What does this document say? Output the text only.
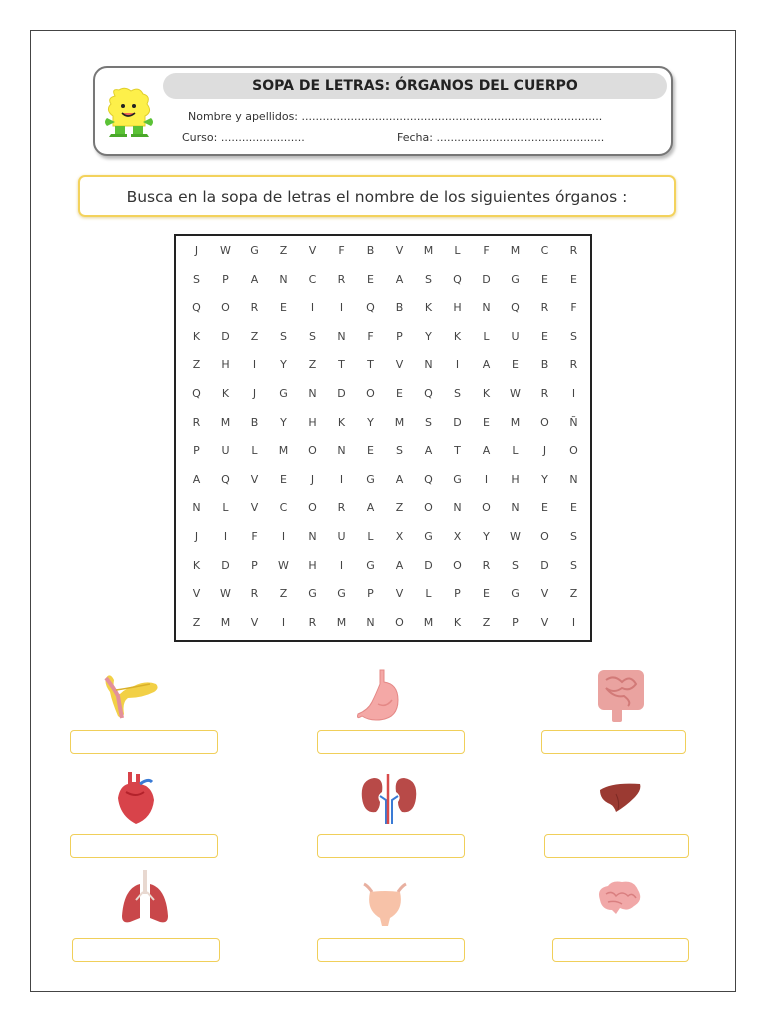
SOPA DE LETRAS: ÓRGANOS DEL CUERPO
Nombre y apellidos: ......................................................................................
Curso: ........................	Fecha: ................................................
Busca en la sopa de letras el nombre de los siguientes órganos :
J	W	G	Z	V	F	B	V	M	L	F	M	C	R
S	P	A	N	C	R	E	A	S	Q	D	G	E	E
Q	O	R	E	I	I	Q	B	K	H	N	Q	R	F
K	D	Z	S	S	N	F	P	Y	K	L	U	E	S
Z	H	I	Y	Z	T	T	V	N	I	A	E	B	R
Q	K	J	G	N	D	O	E	Q	S	K	W	R	I
R	M	B	Y	H	K	Y	M	S	D	E	M	O	Ñ
P	U	L	M	O	N	E	S	A	T	A	L	J	O
A	Q	V	E	J	I	G	A	Q	G	I	H	Y	N
N	L	V	C	O	R	A	Z	O	N	O	N	E	E
J	I	F	I	N	U	L	X	G	X	Y	W	O	S
K	D	P	W	H	I	G	A	D	O	R	S	D	S
V	W	R	Z	G	G	P	V	L	P	E	G	V	Z
Z	M	V	I	R	M	N	O	M	K	Z	P	V	I
